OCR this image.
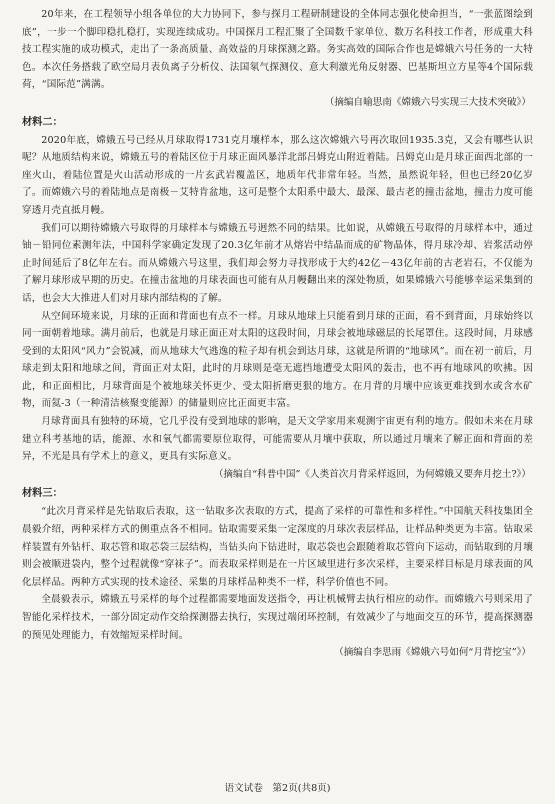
20年来，在工程领导小组各单位的大力协同下，参与探月工程研制建设的全体同志强化使命担当，“一张蓝图绘到底”，一步一个脚印稳扎稳打，实现连续成功。中国探月工程汇聚了全国数千家单位、数万名科技工作者，形成重大科技工程实施的成功模式，走出了一条高质量、高效益的月球探测之路。务实高效的国际合作也是嫦娥六号任务的一大特色。本次任务搭载了欧空局月表负离子分析仪、法国氡气探测仪、意大利激光角反射器、巴基斯坦立方星等4个国际载荷，“国际范”满满。

（摘编自喻思南《嫦娥六号实现三大技术突破》）

材料二：

2020年底，嫦娥五号已经从月球取得1731克月壤样本，那么这次嫦娥六号再次取回1935.3克，又会有哪些认识呢？从地质结构来说，嫦娥五号的着陆区位于月球正面风暴洋北部吕姆克山附近着陆。吕姆克山是月球正面西北部的一座火山，着陆位置是火山活动形成的一片玄武岩覆盖区，地质年代非常年轻。当然，虽然说年轻，但也已经20亿岁了。而嫦娥六号的着陆地点是南极－艾特肯盆地，这可是整个太阳系中最大、最深、最古老的撞击盆地，撞击力度可能穿透月壳直抵月幔。

我们可以期待嫦娥六号取得的月球样本与嫦娥五号迥然不同的结果。比如说，从嫦娥五号取得的月球样本中，通过铀－铅同位素测年法，中国科学家确定发现了20.3亿年前才从熔岩中结晶而成的矿物晶体，得月球冷却、岩浆活动停止时间延后了8亿年左右。而从嫦娥六号这里，我们却会努力寻找形成于大约42亿－43亿年前的古老岩石，不仅能为了解月球形成早期的历史。在撞击盆地的月球表面也可能有从月幔翻出来的深处物质，如果嫦娥六号能够幸运采集到的话，也会大大推进人们对月球内部结构的了解。

从空间环境来说，月球的正面和背面也有点不一样。月球从地球上只能看到月球的正面，看不到背面，月球始终以同一面朝着地球。满月前后，也就是月球正面正对太阳的这段时间，月球会被地球磁层的长尾罩住。这段时间，月球感受到的太阳风“风力”会锐减，而从地球大气逃逸的粒子却有机会到达月球，这就是所谓的“地球风”。而在初一前后，月球走到太阳和地球之间，背面正对太阳，此时的月球则是毫无遮挡地遭受太阳风的轰击，也不再有地球风的吹拂。因此，和正面相比，月球背面是个被地球关怀更少、受太阳折磨更狠的地方。在月背的月壤中应该更难找到水或含水矿物，而氦-3（一种清洁核聚变能源）的储量则应比正面更丰富。

月球背面具有独特的环境，它几乎没有受到地球的影响，是天文学家用来观测宇宙更有利的地方。假如未来在月球建立科考基地的话，能源、水和氧气都需要原位取得，可能需要从月壤中获取，所以通过月壤来了解正面和背面的差异，不光是具有学术上的意义，更具有实际意义。

（摘编自“科普中国”《人类首次月背采样返回，为何嫦娥又要奔月挖土?》）

材料三：

“此次月背采样是先钻取后表取，这一钻取多次表取的方式，提高了采样的可靠性和多样性。”中国航天科技集团全晨毅介绍，两种采样方式的侧重点各不相同。钻取需要采集一定深度的月球次表层样品，让样品种类更为丰富。钻取采样装置有外钻杆、取芯管和取芯袋三层结构，当钻头向下钻进时，取芯袋也会跟随着取芯管向下运动，而钻取到的月壤则会被顺进袋内，整个过程就像“穿袜子”。而表取采样则是在一片区域里进行多次采样，主要采样目标是月球表面的风化层样品。两种方式实现的技术途径、采集的月球样品种类不一样，科学价值也不同。

全晨毅表示，嫦娥五号采样的每个过程都需要地面发送指令，再让机械臂去执行相应的动作。而嫦娥六号则采用了智能化采样技术，一部分固定动作交给探测器去执行，实现过端闭环控制，有效减少了与地面交互的环节，提高探测器的预见处理能力，有效缩短采样时间。

（摘编自李思雨《嫦娥六号如何“月背挖宝”》）

语文试卷　第2页(共8页)
